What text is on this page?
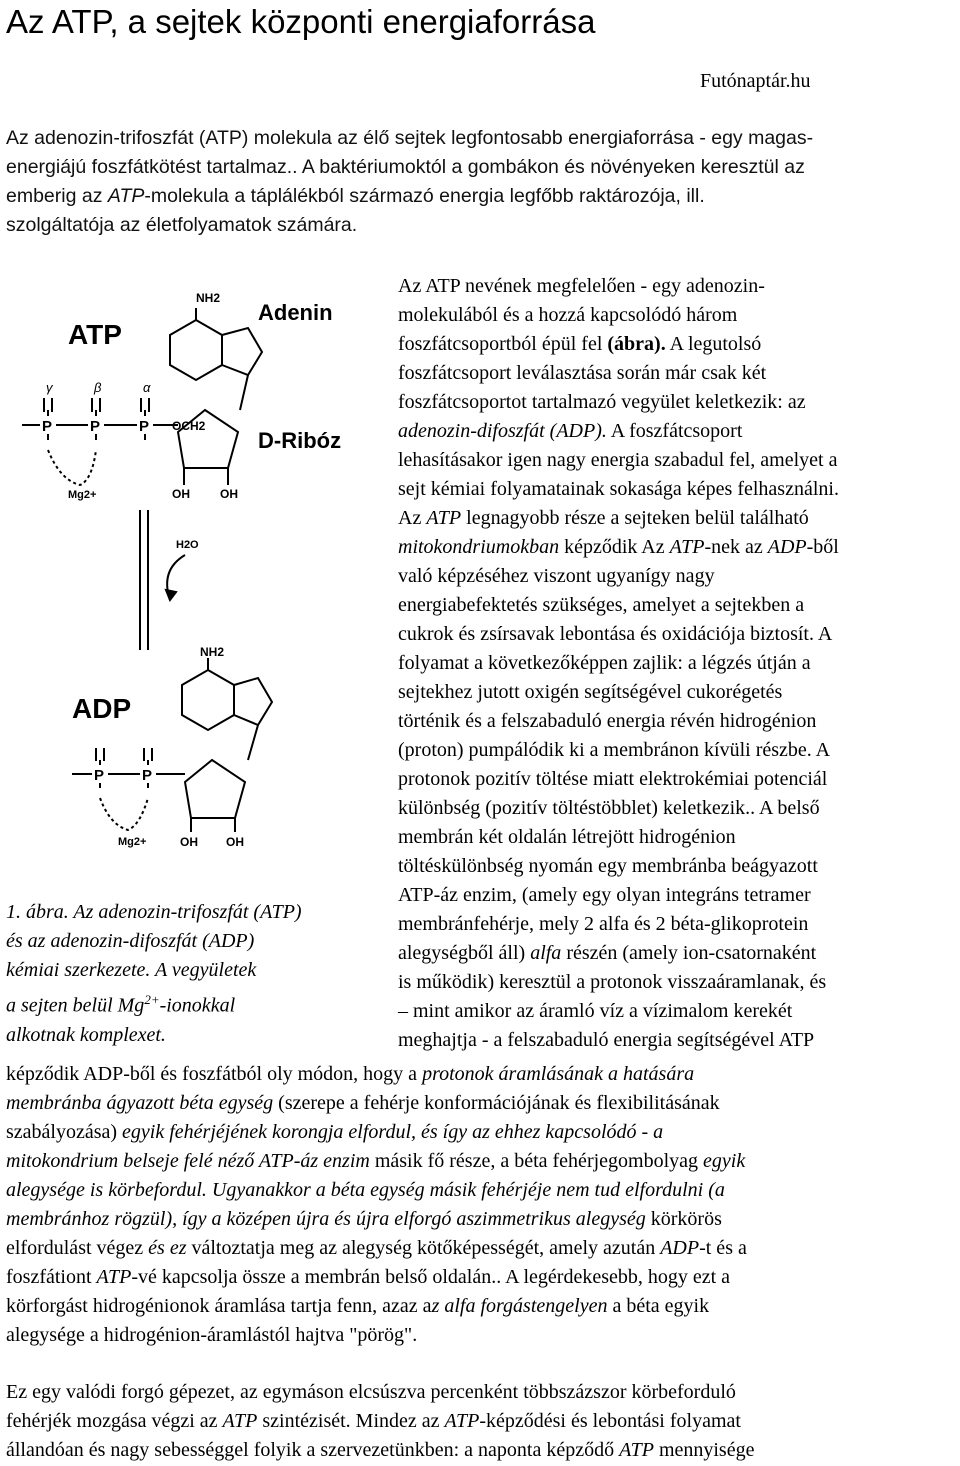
Az ATP, a sejtek központi energiaforrása
Futónaptár.hu

Az adenozin-trifoszfát (ATP) molekula az élő sejtek legfontosabb energiaforrása - egy magas-
energiájú foszfátkötést tartalmaz.. A baktériumoktól a gombákon és növényeken keresztül az
emberig az ATP-molekula a táplálékból származó energia legfőbb raktározója, ill.
szolgáltatója az életfolyamatok számára.

ATP
Adenin
D-Ribóz
NH2
γ	β	α
P	P	P OCH2
Mg2+	OH	OH
H2O
ADP
NH2
P	P
Mg2+	OH OH

1. ábra. Az adenozin-trifoszfát (ATP)
és az adenozin-difoszfát (ADP)
kémiai szerkezete. A vegyületek
a sejten belül $Mg^{2+}$-ionokkal
alkotnak komplexet.

Az ATP nevének megfelelően - egy adenozin-
molekulából és a hozzá kapcsolódó három
foszfátcsoportból épül fel (ábra). A legutolsó
foszfátcsoport leválasztása során már csak két
foszfátcsoportot tartalmazó vegyület keletkezik: az
adenozin-difoszfát (ADP). A foszfátcsoport
lehasításakor igen nagy energia szabadul fel, amelyet a
sejt kémiai folyamatainak sokasága képes felhasználni.
Az ATP legnagyobb része a sejteken belül található
mitokondriumokban képződik Az ATP-nek az ADP-ből
való képzéséhez viszont ugyanígy nagy
energiabefektetés szükséges, amelyet a sejtekben a
cukrok és zsírsavak lebontása és oxidációja biztosít. A
folyamat a következőképpen zajlik: a légzés útján a
sejtekhez jutott oxigén segítségével cukorégetés
történik és a felszabaduló energia révén hidrogénion
(proton) pumpálódik ki a membránon kívüli részbe. A
protonok pozitív töltése miatt elektrokémiai potenciál
különbség (pozitív töltéstöbblet) keletkezik.. A belső
membrán két oldalán létrejött hidrogénion
töltéskülönbség nyomán egy membránba beágyazott
ATP-áz enzim, (amely egy olyan integráns tetramer
membránfehérje, mely 2 alfa és 2 béta-glikoprotein
alegységből áll) alfa részén (amely ion-csatornaként
is működik) keresztül a protonok visszaáramlanak, és
– mint amikor az áramló víz a vízimalom kerekét
meghajtja - a felszabaduló energia segítségével ATP
képződik ADP-ből és foszfátból oly módon, hogy a protonok áramlásának a hatására
membránba ágyazott béta egység (szerepe a fehérje konformációjának és flexibilitásának
szabályozása) egyik fehérjéjének korongja elfordul, és így az ehhez kapcsolódó - a
mitokondrium belseje felé néző ATP-áz enzim másik fő része, a béta fehérjegombolyag egyik
alegysége is körbefordul. Ugyanakkor a béta egység másik fehérjéje nem tud elfordulni (a
membránhoz rögzül), így a középen újra és újra elforgó aszimmetrikus alegység körkörös
elfordulást végez és ez változtatja meg az alegység kötőképességét, amely azután ADP-t és a
foszfátiont ATP-vé kapcsolja össze a membrán belső oldalán.. A legérdekesebb, hogy ezt a
körforgást hidrogénionok áramlása tartja fenn, azaz az alfa forgástengelyen a béta egyik
alegysége a hidrogénion-áramlástól hajtva "pörög".
Ez egy valódi forgó gépezet, az egymáson elcsúszva percenként többszázszor körbeforduló
fehérjék mozgása végzi az ATP szintézisét. Mindez az ATP-képződési és lebontási folyamat
állandóan és nagy sebességgel folyik a szervezetünkben: a naponta képződő ATP mennyisége
